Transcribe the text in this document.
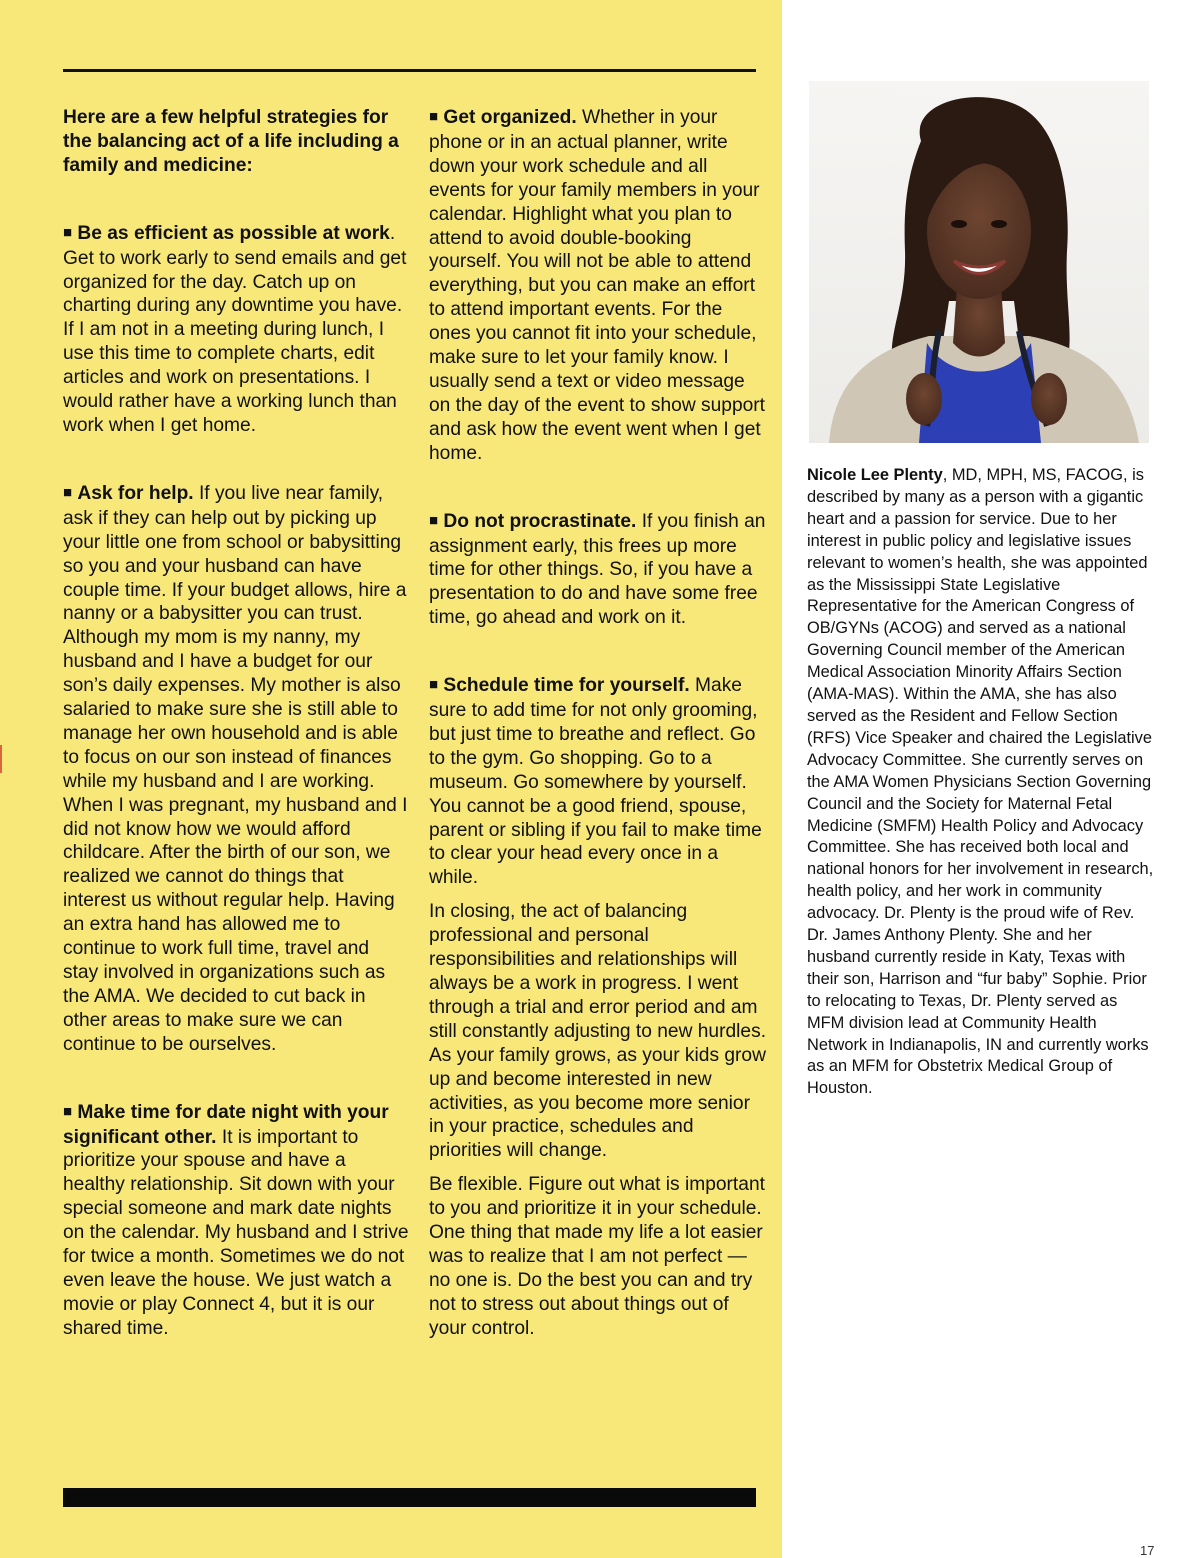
Here are a few helpful strategies for the balancing act of a life including a family and medicine:

■ Be as efficient as possible at work. Get to work early to send emails and get organized for the day. Catch up on charting during any downtime you have. If I am not in a meeting during lunch, I use this time to complete charts, edit articles and work on presentations. I would rather have a working lunch than work when I get home.

■ Ask for help. If you live near family, ask if they can help out by picking up your little one from school or babysitting so you and your husband can have couple time. If your budget allows, hire a nanny or a babysitter you can trust. Although my mom is my nanny, my husband and I have a budget for our son’s daily expenses. My mother is also salaried to make sure she is still able to manage her own household and is able to focus on our son instead of finances while my husband and I are working. When I was pregnant, my husband and I did not know how we would afford childcare. After the birth of our son, we realized we cannot do things that interest us without regular help. Having an extra hand has allowed me to continue to work full time, travel and stay involved in organizations such as the AMA. We decided to cut back in other areas to make sure we can continue to be ourselves.

■ Make time for date night with your significant other. It is important to prioritize your spouse and have a healthy relationship. Sit down with your special someone and mark date nights on the calendar. My husband and I strive for twice a month. Sometimes we do not even leave the house. We just watch a movie or play Connect 4, but it is our shared time.

■ Get organized. Whether in your phone or in an actual planner, write down your work schedule and all events for your family members in your calendar. Highlight what you plan to attend to avoid double-booking yourself. You will not be able to attend everything, but you can make an effort to attend important events. For the ones you cannot fit into your schedule, make sure to let your family know. I usually send a text or video message on the day of the event to show support and ask how the event went when I get home.

■ Do not procrastinate. If you finish an assignment early, this frees up more time for other things. So, if you have a presentation to do and have some free time, go ahead and work on it.

■ Schedule time for yourself. Make sure to add time for not only grooming, but just time to breathe and reflect. Go to the gym. Go shopping. Go to a museum. Go somewhere by yourself. You cannot be a good friend, spouse, parent or sibling if you fail to make time to clear your head every once in a while.

In closing, the act of balancing professional and personal responsibilities and relationships will always be a work in progress. I went through a trial and error period and am still constantly adjusting to new hurdles. As your family grows, as your kids grow up and become interested in new activities, as you become more senior in your practice, schedules and priorities will change.

Be flexible. Figure out what is important to you and prioritize it in your schedule. One thing that made my life a lot easier was to realize that I am not perfect — no one is. Do the best you can and try not to stress out about things out of your control.

Nicole Lee Plenty, MD, MPH, MS, FACOG, is described by many as a person with a gigantic heart and a passion for service. Due to her interest in public policy and legislative issues relevant to women’s health, she was appointed as the Mississippi State Legislative Representative for the American Congress of OB/GYNs (ACOG) and served as a national Governing Council member of the American Medical Association Minority Affairs Section (AMA-MAS). Within the AMA, she has also served as the Resident and Fellow Section (RFS) Vice Speaker and chaired the Legislative Advocacy Committee. She currently serves on the AMA Women Physicians Section Governing Council and the Society for Maternal Fetal Medicine (SMFM) Health Policy and Advocacy Committee. She has received both local and national honors for her involvement in research, health policy, and her work in community advocacy. Dr. Plenty is the proud wife of Rev. Dr. James Anthony Plenty. She and her husband currently reside in Katy, Texas with their son, Harrison and “fur baby” Sophie. Prior to relocating to Texas, Dr. Plenty served as MFM division lead at Community Health Network in Indianapolis, IN and currently works as an MFM for Obstetrix Medical Group of Houston.

17
